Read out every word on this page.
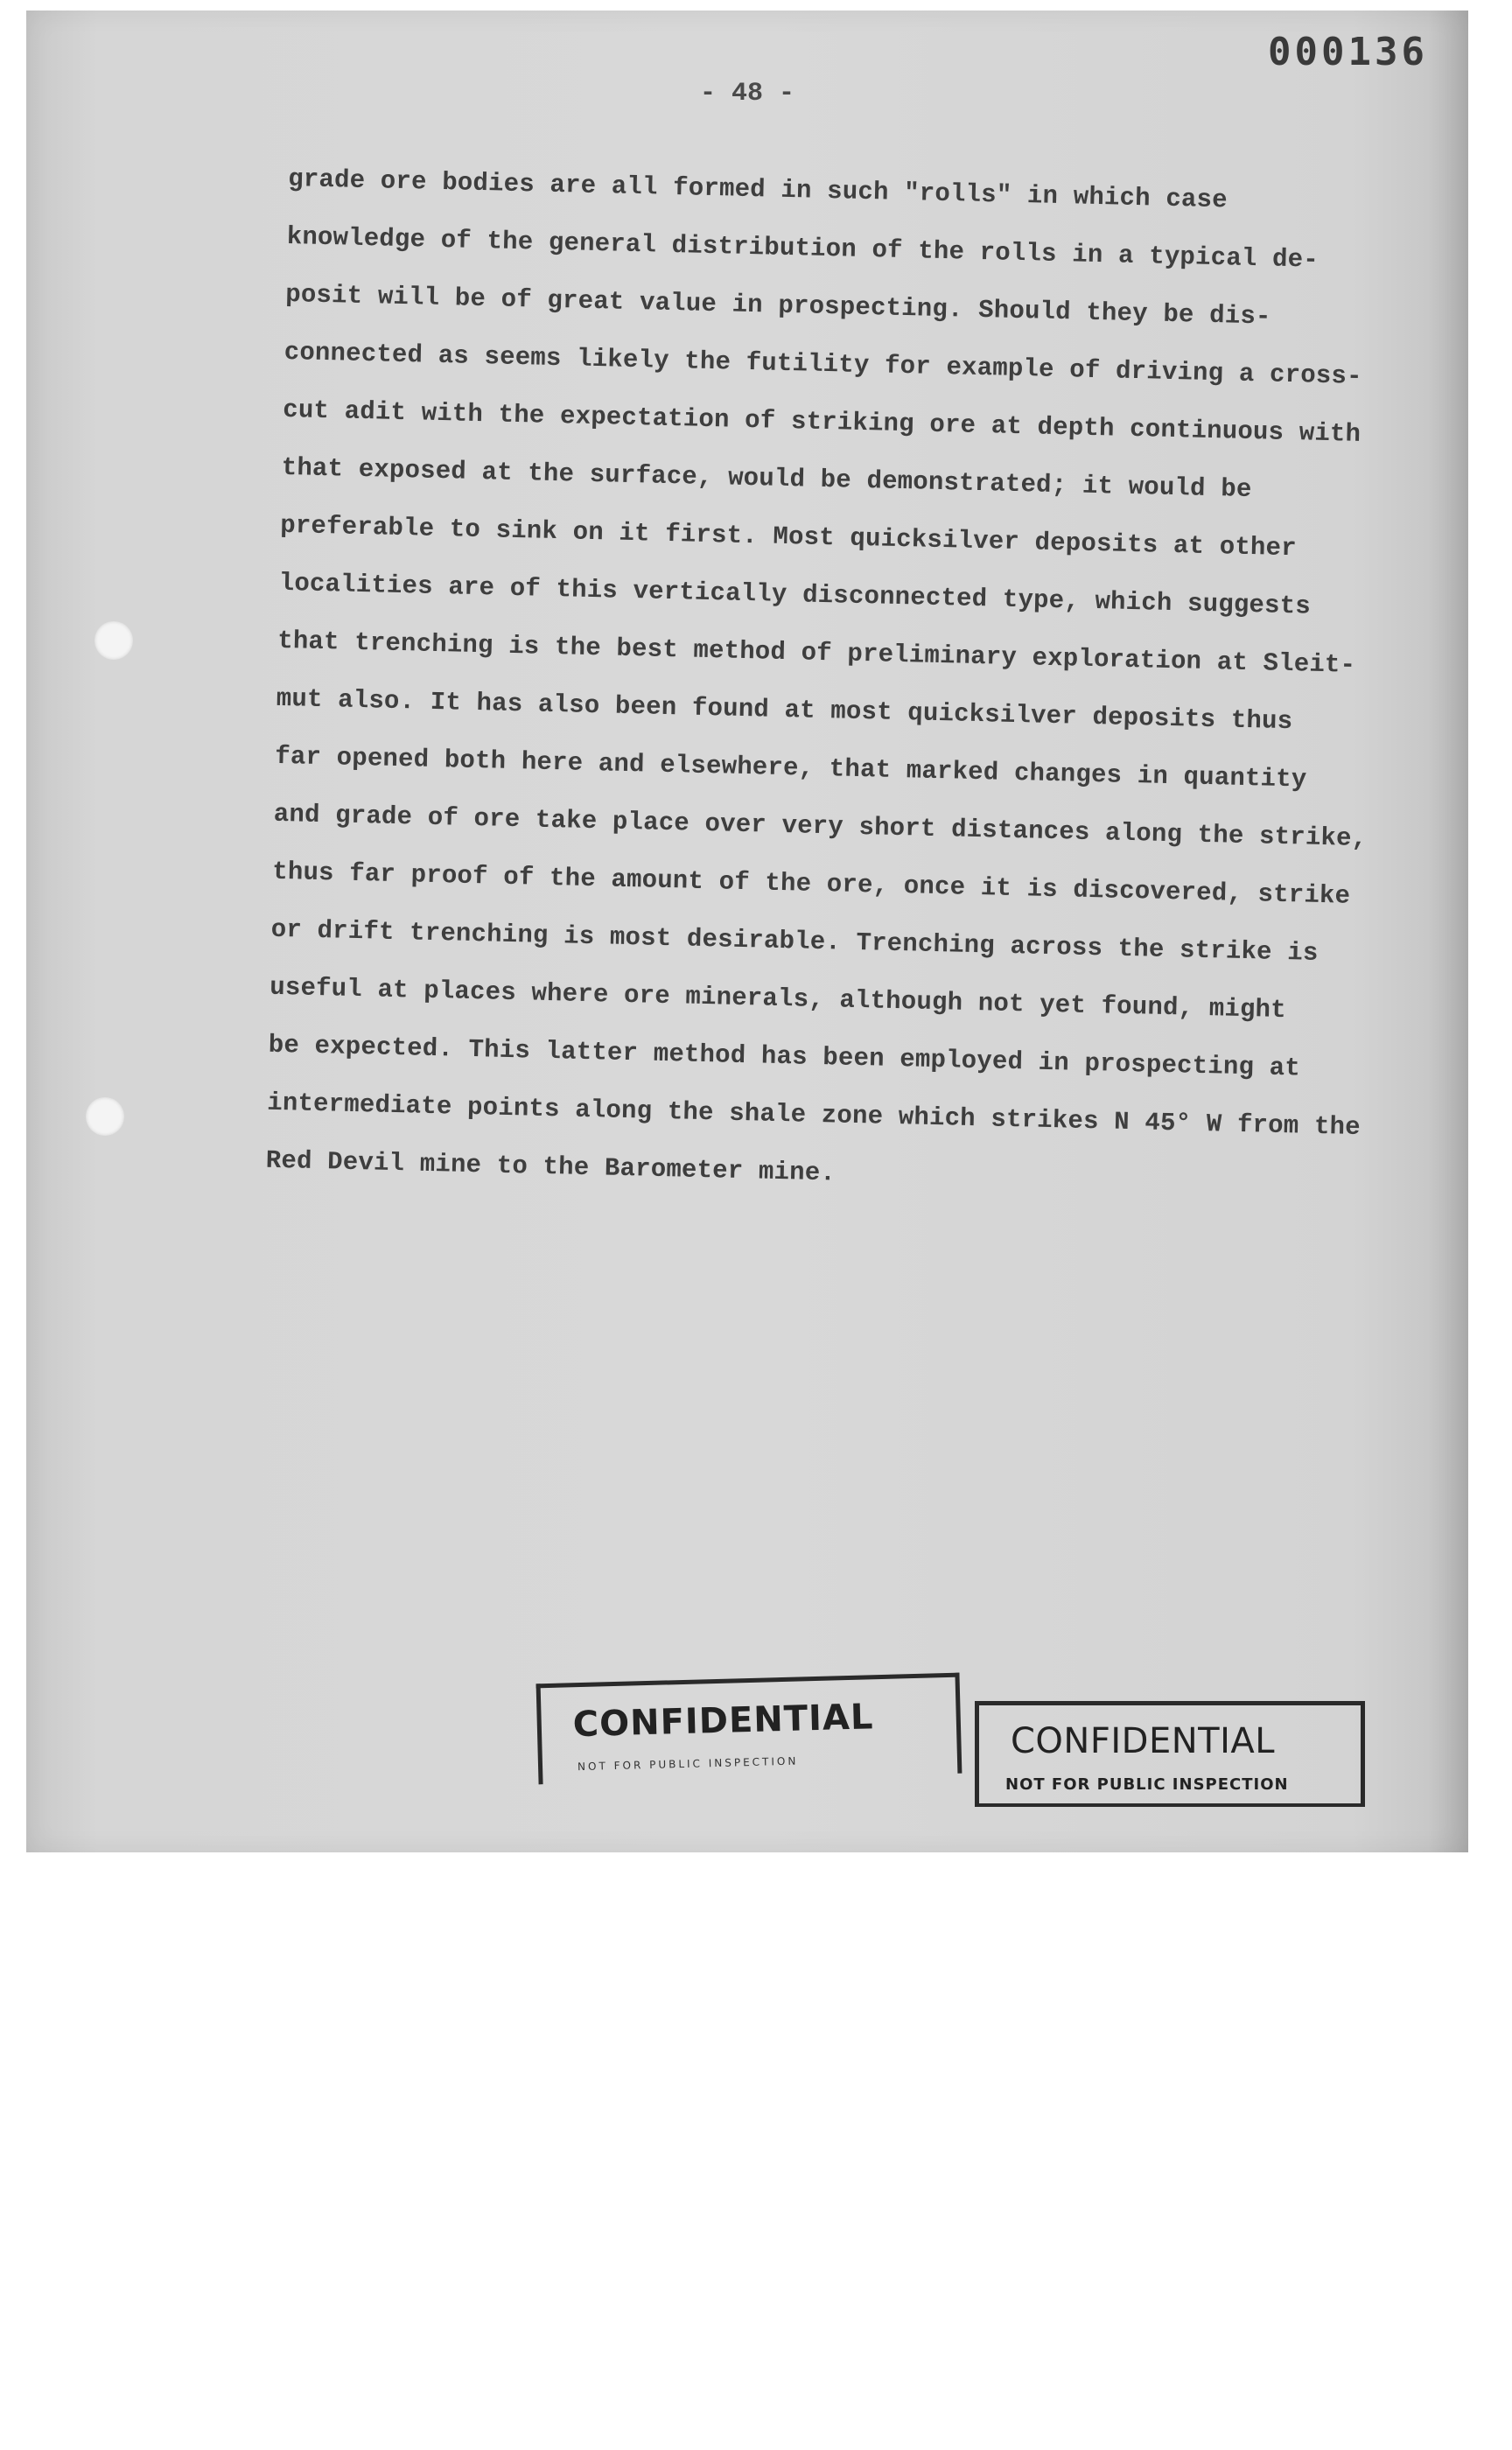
000136
- 48 -
grade ore bodies are all formed in such "rolls" in which case
knowledge of the general distribution of the rolls in a typical de-
posit will be of great value in prospecting. Should they be dis-
connected as seems likely the futility for example of driving a cross-
cut adit with the expectation of striking ore at depth continuous with
that exposed at the surface, would be demonstrated; it would be
preferable to sink on it first. Most quicksilver deposits at other
localities are of this vertically disconnected type, which suggests
that trenching is the best method of preliminary exploration at Sleit-
mut also. It has also been found at most quicksilver deposits thus
far opened both here and elsewhere, that marked changes in quantity
and grade of ore take place over very short distances along the strike,
thus far proof of the amount of the ore, once it is discovered, strike
or drift trenching is most desirable. Trenching across the strike is
useful at places where ore minerals, although not yet found, might
be expected. This latter method has been employed in prospecting at
intermediate points along the shale zone which strikes N 45° W from the
Red Devil mine to the Barometer mine.
CONFIDENTIAL
NOT FOR PUBLIC INSPECTION
CONFIDENTIAL
NOT FOR PUBLIC INSPECTION
